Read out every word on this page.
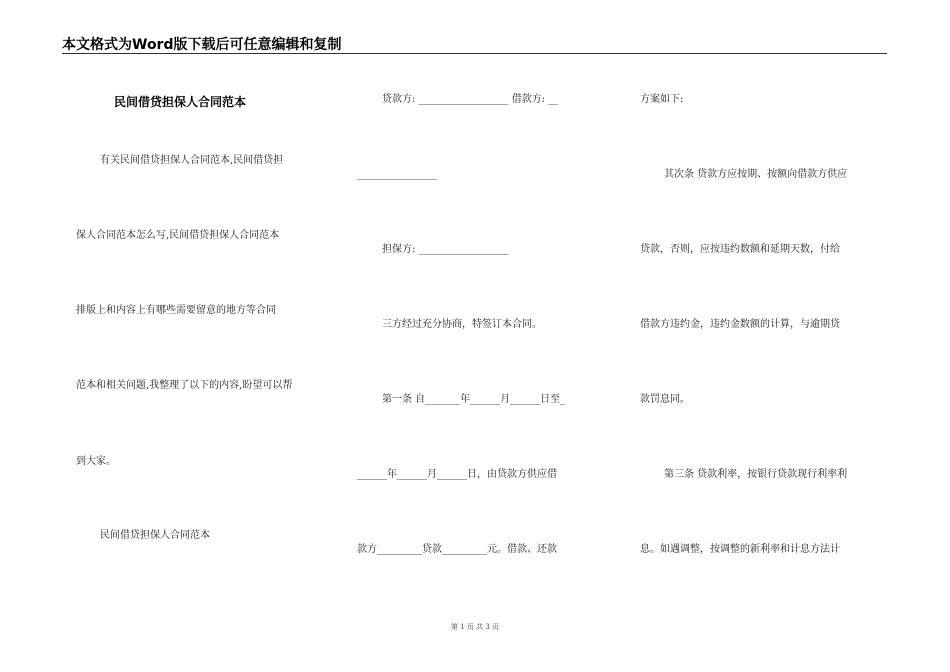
本文格式为Word版下载后可任意编辑和复制
民间借贷担保人合同范本
有关民间借贷担保人合同范本,民间借贷担
保人合同范本怎么写,民间借贷担保人合同范本
排版上和内容上有哪些需要留意的地方等合同
范本和相关问题,我整理了以下的内容,盼望可以帮
到大家。
民间借贷担保人合同范本
贷款方: __________________ 借款方: __
________________
担保方: __________________
三方经过充分协商，特签订本合同。
第一条 自_______年______月______日至_
______年______月______日，由贷款方供应借
款方_________贷款_________元。借款、还款
方案如下:
其次条 贷款方应按期、按额向借款方供应
贷款，否则，应按违约数额和延期天数，付给
借款方违约金，违约金数额的计算，与逾期贷
款罚息同。
第三条 贷款利率，按银行贷款现行利率利
息。如遇调整，按调整的新利率和计息方法计
第 1 页 共 3 页
